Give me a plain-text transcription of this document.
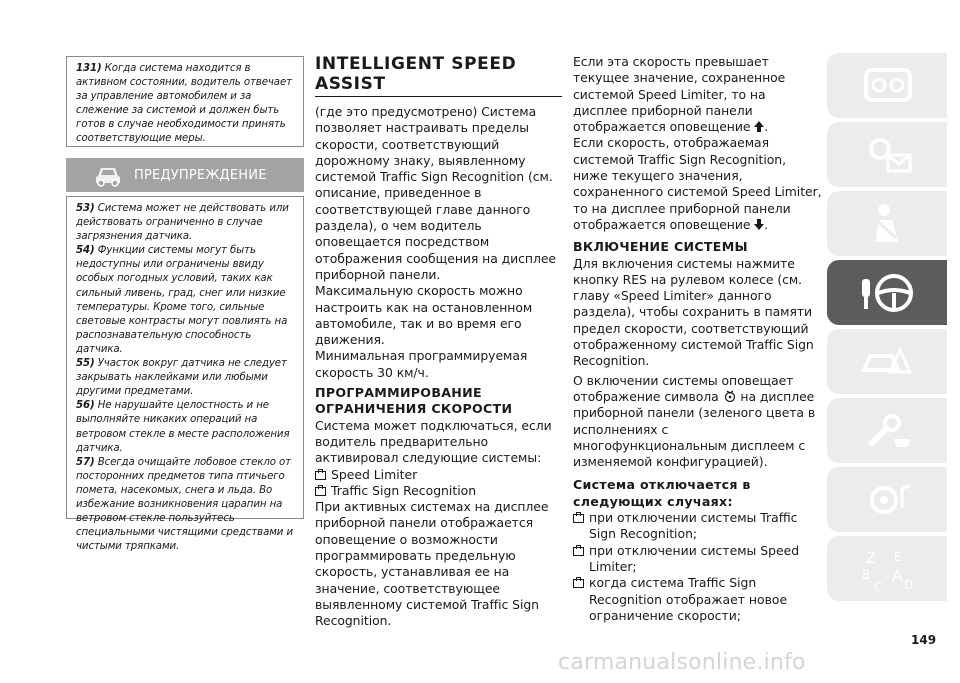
131) Когда система находится в активном состоянии, водитель отвечает за управление автомобилем и за слежение за системой и должен быть готов в случае необходимости принять соответствующие меры.

ПРЕДУПРЕЖДЕНИЕ

53) Система может не действовать или действовать ограниченно в случае загрязнения датчика.

54) Функции системы могут быть недоступны или ограничены ввиду особых погодных условий, таких как сильный ливень, град, снег или низкие температуры. Кроме того, сильные световые контрасты могут повлиять на распознавательную способность датчика.

55) Участок вокруг датчика не следует закрывать наклейками или любыми другими предметами.

56) Не нарушайте целостность и не выполняйте никаких операций на ветровом стекле в месте расположения датчика.

57) Всегда очищайте лобовое стекло от посторонних предметов типа птичьего помета, насекомых, снега и льда. Во избежание возникновения царапин на ветровом стекле пользуйтесь специальными чистящими средствами и чистыми тряпками.

INTELLIGENT SPEED
ASSIST

(где это предусмотрено) Система позволяет настраивать пределы скорости, соответствующий дорожному знаку, выявленному системой Traffic Sign Recognition (см. описание, приведенное в соответствующей главе данного раздела), о чем водитель оповещается посредством отображения сообщения на дисплее приборной панели.

Максимальную скорость можно настроить как на остановленном автомобиле, так и во время его движения.

Минимальная программируемая скорость 30 км/ч.

ПРОГРАММИРОВАНИЕ ОГРАНИЧЕНИЯ СКОРОСТИ

Система может подключаться, если водитель предварительно активировал следующие системы:

Speed Limiter
Traffic Sign Recognition

При активных системах на дисплее приборной панели отображается оповещение о возможности программировать предельную скорость, устанавливая ее на значение, соответствующее выявленному системой Traffic Sign Recognition.

Если эта скорость превышает текущее значение, сохраненное системой Speed Limiter, то на дисплее приборной панели отображается оповещение .

Если скорость, отображаемая системой Traffic Sign Recognition, ниже текущего значения, сохраненного системой Speed Limiter, то на дисплее приборной панели отображается оповещение .

ВКЛЮЧЕНИЕ СИСТЕМЫ

Для включения системы нажмите кнопку RES на рулевом колесе (см. главу «Speed Limiter» данного раздела), чтобы сохранить в памяти предел скорости, соответствующий отображенному системой Traffic Sign Recognition.

О включении системы оповещает отображение символа на дисплее приборной панели (зеленого цвета в исполнениях с многофункциональным дисплеем с изменяемой конфигурацией).

Система отключается в следующих случаях:

при отключении системы Traffic Sign Recognition;
при отключении системы Speed Limiter;
когда система Traffic Sign Recognition отображает новое ограничение скорости;
Z E
B A
C D
149
carmanualsonline.info
